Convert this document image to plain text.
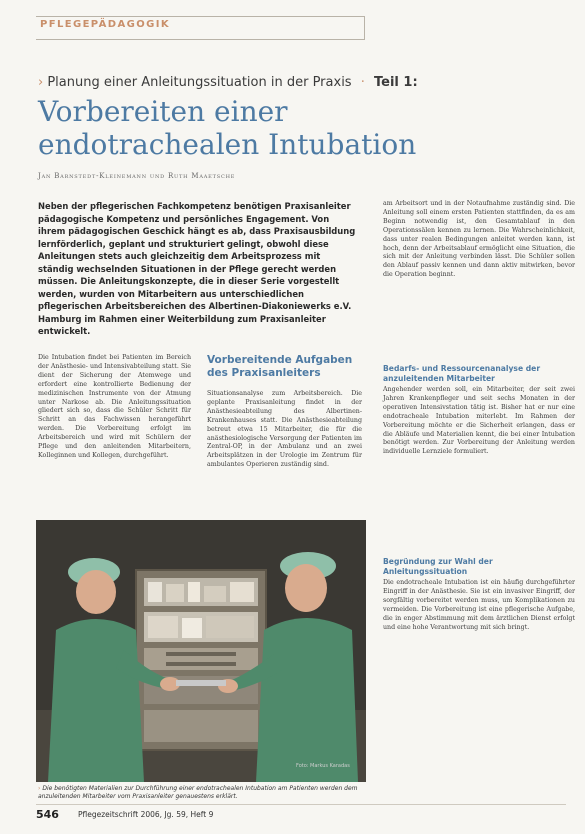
PFLEGEPÄDAGOGIK
› Planung einer Anleitungssituation in der Praxis · Teil 1:
Vorbereiten einer
endotrachealen Intubation
Jan Barnstedt-Kleinemann und Ruth Maaetsche
Neben der pflegerischen Fachkompetenz benötigen Praxisanleiter pädagogische Kompetenz und persönliches Engagement. Von ihrem pädagogischen Geschick hängt es ab, dass Praxisausbildung lernförderlich, geplant und strukturiert gelingt, obwohl diese Anleitungen stets auch gleichzeitig dem Arbeitsprozess mit ständig wechselnden Situationen in der Pflege gerecht werden müssen. Die Anleitungskonzepte, die in dieser Serie vorgestellt werden, wurden von Mitarbeitern aus unterschiedlichen pflegerischen Arbeitsbereichen des Albertinen-Diakoniewerks e.V. Hamburg im Rahmen einer Weiterbildung zum Praxisanleiter entwickelt.
Die Intubation findet bei Patienten im Bereich der Anästhesie- und Intensivabteilung statt. Sie dient der Sicherung der Atemwege und erfordert eine kontrollierte Bedienung der medizinischen Instrumente von der Atmung unter Narkose ab. Die Anleitungssituation gliedert sich so, dass die Schüler Schritt für Schritt an das Fachwissen herangeführt werden. Die Vorbereitung erfolgt im Arbeitsbereich und wird mit Schülern der Pflege und den anleitenden Mitarbeitern, Kolleginnen und Kollegen, durchgeführt.
Vorbereitende Aufgaben des Praxisanleiters
Situationsanalyse zum Arbeitsbereich. Die geplante Praxisanleitung findet in der Anästhesieabteilung des Albertinen-Krankenhauses statt. Die Anästhesieabteilung betreut etwa 15 Mitarbeiter, die für die anästhesiologische Versorgung der Patienten im Zentral-OP, in der Ambulanz und an zwei Arbeitsplätzen in der Urologie im Zentrum für ambulantes Operieren zuständig sind.
am Arbeitsort und in der Notaufnahme zuständig sind. Die Anleitung soll einem ersten Patienten stattfinden, da es am Beginn notwendig ist, den Gesamtablauf in den Operationssälen kennen zu lernen. Die Wahrscheinlichkeit, dass unter realen Bedingungen anleitet werden kann, ist hoch, denn der Arbeitsablauf ermöglicht eine Situation, die sich mit der Anleitung verbinden lässt. Die Schüler sollen den Ablauf passiv kennen und dann aktiv mitwirken, bevor die Operation beginnt.
Bedarfs- und Ressourcenanalyse der anzuleitenden Mitarbeiter
Angehender werden soll, ein Mitarbeiter, der seit zwei Jahren Krankenpfleger und seit sechs Monaten in der operativen Intensivstation tätig ist. Bisher hat er nur eine endotracheale Intubation miterlebt. Im Rahmen der Vorbereitung möchte er die Sicherheit erlangen, dass er die Abläufe und Materialien kennt, die bei einer Intubation benötigt werden. Zur Vorbereitung der Anleitung werden individuelle Lernziele formuliert.
Begründung zur Wahl der Anleitungssituation
Die endotracheale Intubation ist ein häufig durchgeführter Eingriff in der Anästhesie. Sie ist ein invasiver Eingriff, der sorgfältig vorbereitet werden muss, um Komplikationen zu vermeiden. Die Vorbereitung ist eine pflegerische Aufgabe, die in enger Abstimmung mit dem ärztlichen Dienst erfolgt und eine hohe Verantwortung mit sich bringt.
Foto: Markus Karadas
› Die benötigten Materialien zur Durchführung einer endotrachealen Intubation am Patienten werden dem anzuleitenden Mitarbeiter vom Praxisanleiter genauestens erklärt.
546	Pflegezeitschrift 2006, Jg. 59, Heft 9
